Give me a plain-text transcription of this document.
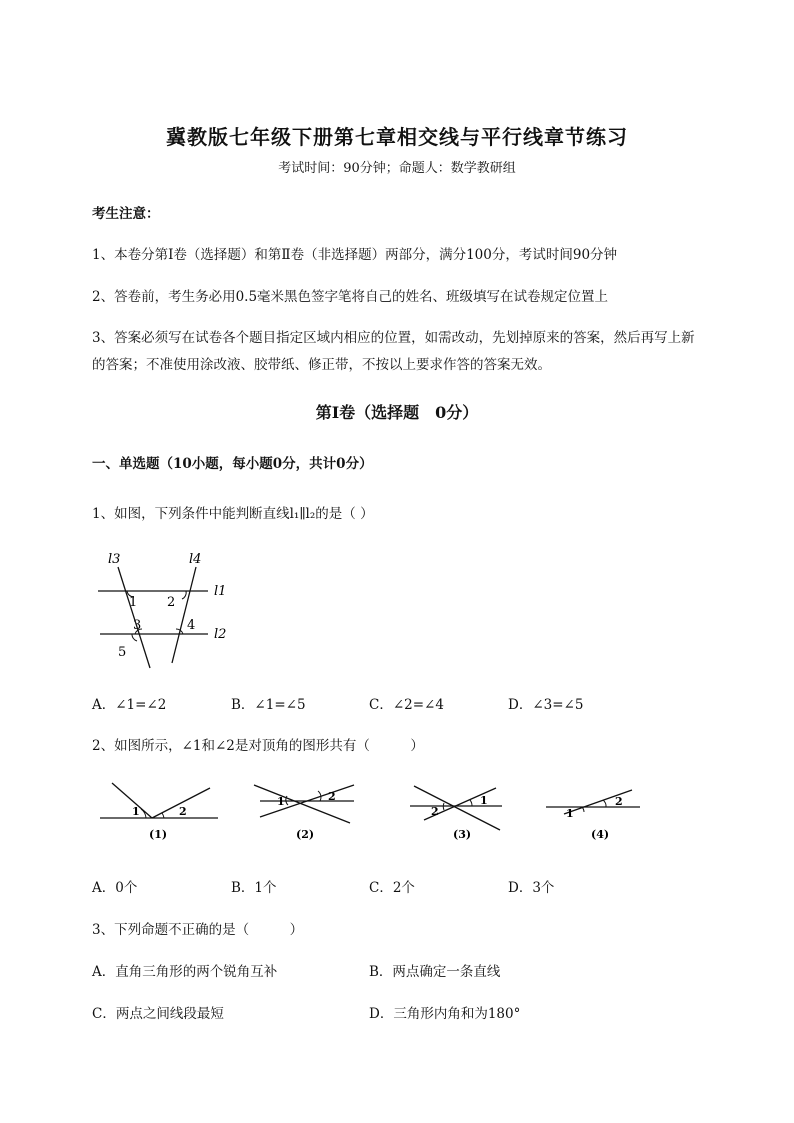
冀教版七年级下册第七章相交线与平行线章节练习
考试时间：90分钟；命题人：数学教研组
考生注意：
1、本卷分第I卷（选择题）和第Ⅱ卷（非选择题）两部分，满分100分，考试时间90分钟
2、答卷前，考生务必用0.5毫米黑色签字笔将自己的姓名、班级填写在试卷规定位置上
3、答案必须写在试卷各个题目指定区域内相应的位置，如需改动，先划掉原来的答案，然后再写上新
的答案；不准使用涂改液、胶带纸、修正带，不按以上要求作答的答案无效。
第I卷（选择题　0分）
一、单选题（10小题，每小题0分，共计0分）
1、如图，下列条件中能判断直线l₁∥l₂的是（ ）
l3	l4
l1
l2
1 2
3	4
5
A．∠1=∠2	B．∠1=∠5	C．∠2=∠4	D．∠3=∠5
2、如图所示，∠1和∠2是对顶角的图形共有（　　　）
1	2
(1)
1	2
(2)
2
1
(3)
1
2
(4)
A．0个	B．1个	C．2个	D．3个
3、下列命题不正确的是（　　　）
A．直角三角形的两个锐角互补	B．两点确定一条直线
C．两点之间线段最短	D．三角形内角和为180°
